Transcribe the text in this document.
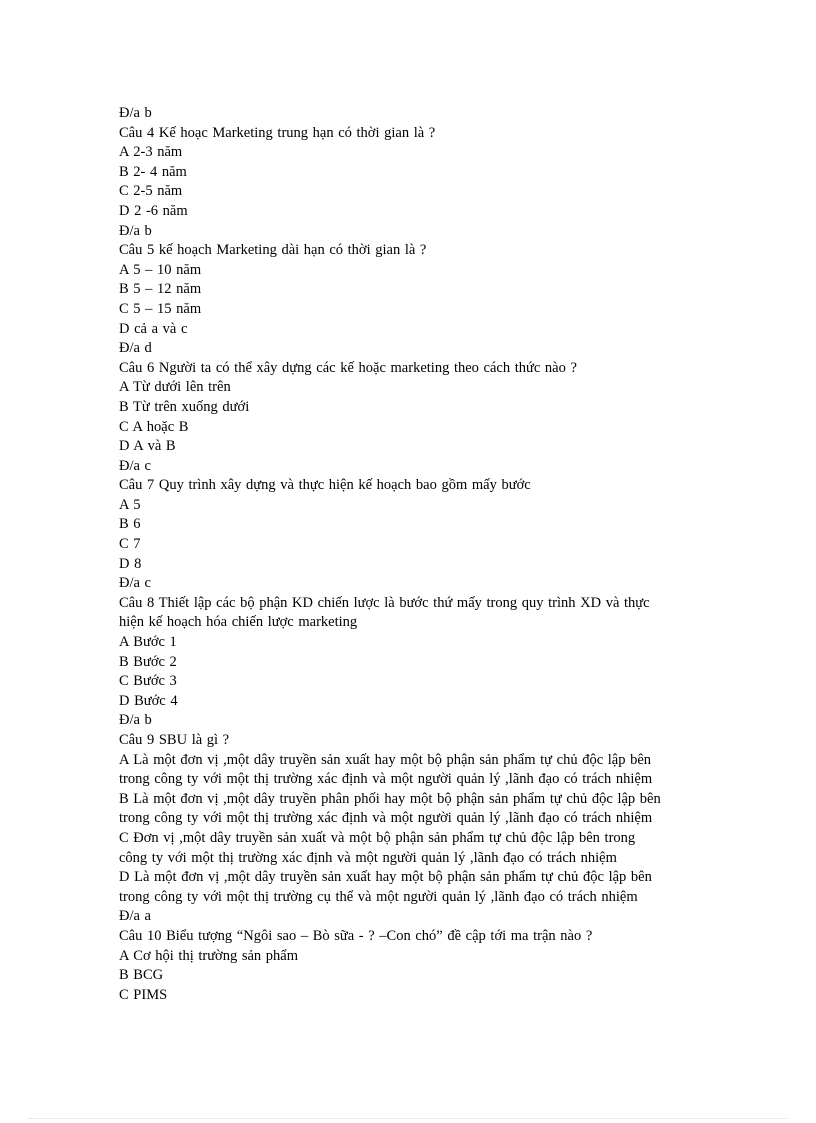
Đ/a b
Câu 4 Kế hoạc Marketing trung hạn có thời gian là ?
A 2-3 năm
B 2- 4 năm
C 2-5 năm
D 2 -6 năm
Đ/a b
Câu 5 kế hoạch Marketing dài hạn có thời gian là ?
A 5 – 10 năm
B 5 – 12 năm
C 5 – 15 năm
D cả a và c
Đ/a d
Câu 6 Người ta có thể xây dựng các kế hoặc marketing theo cách thức nào ?
A Từ dưới lên trên
B Từ trên xuống dưới
C A hoặc B
D A và B
Đ/a c
Câu 7 Quy trình xây dựng và thực hiện kế hoạch bao gồm mấy bước
A 5
B 6
C 7
D 8
Đ/a c
Câu 8 Thiết lập các bộ phận KD chiến lược là bước thứ mấy trong quy trình XD và thực
hiện kế hoạch hóa chiến lược marketing
A Bước 1
B Bước 2
C Bước 3
D Bước 4
Đ/a b
Câu 9 SBU là gì ?
A Là một đơn vị ,một dây truyền sản xuất hay một bộ phận sản phẩm tự chủ độc lập bên
trong công ty với một thị trường xác định và một người quản lý ,lãnh đạo có trách nhiệm
B Là một đơn vị ,một dây truyền phân phối hay một bộ phận sản phẩm tự chủ độc lập bên
trong công ty với một thị trường xác định và một người quản lý ,lãnh đạo có trách nhiệm
C Đơn vị ,một dây truyền sản xuất và một bộ phận sản phẩm tự chủ độc lập bên trong
công ty với một thị trường xác định và một người quản lý ,lãnh đạo có trách nhiệm
D Là một đơn vị ,một dây truyền sản xuất hay một bộ phận sản phẩm tự chủ độc lập bên
trong công ty với một thị trường cụ thể và một người quản lý ,lãnh đạo có trách nhiệm
Đ/a a
Câu 10 Biểu tượng “Ngôi sao – Bò sữa - ? –Con chó” đề cập tới ma trận nào ?
A Cơ hội thị trường sản phẩm
B BCG
C PIMS
